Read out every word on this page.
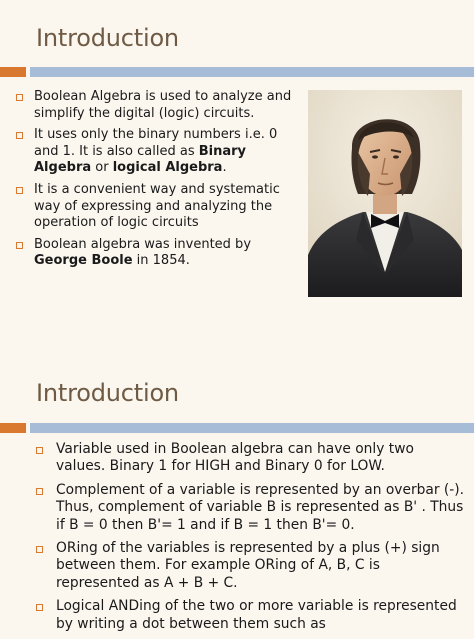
Introduction
Boolean Algebra is used to analyze and simplify the digital (logic) circuits.
It uses only the binary numbers i.e. 0 and 1. It is also called as Binary Algebra or logical Algebra.
It is a convenient way and systematic way of expressing and analyzing the operation of logic circuits
Boolean algebra was invented by George Boole in 1854.
Introduction
Variable used in Boolean algebra can have only two values. Binary 1 for HIGH and Binary 0 for LOW.
Complement of a variable is represented by an overbar (-). Thus, complement of variable B is represented as B' . Thus if B = 0 then B'= 1 and if B = 1 then B'= 0.
ORing of the variables is represented by a plus (+) sign between them. For example ORing of A, B, C is represented as A + B + C.
Logical ANDing of the two or more variable is represented by writing a dot between them such as
